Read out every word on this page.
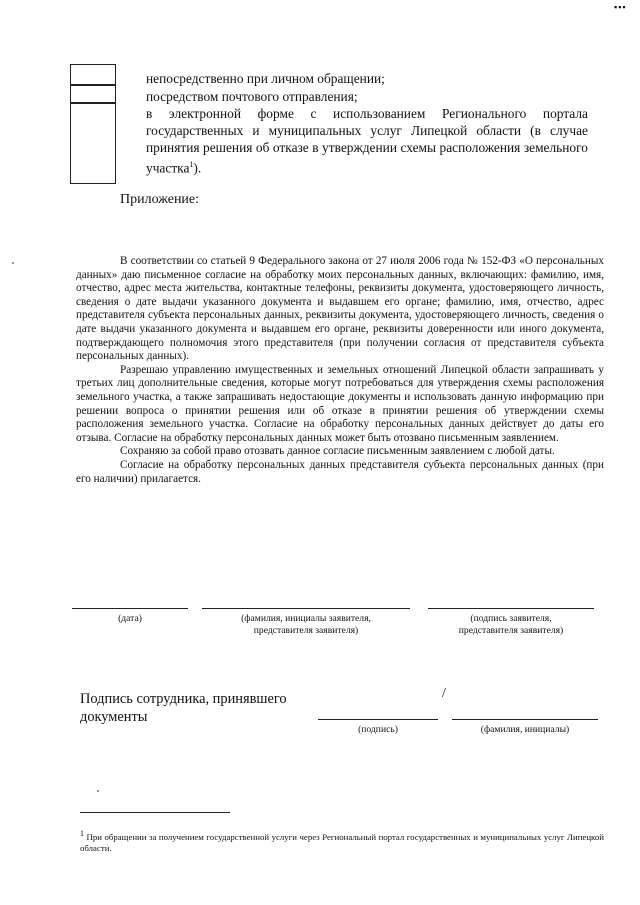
▪▪▪
непосредственно при личном обращении;
посредством почтового отправления;
в электронной форме с использованием Регионального портала государственных и муниципальных услуг Липецкой области (в случае принятия решения об отказе в утверждении схемы расположения земельного участка$^1$).
Приложение:

В соответствии со статьей 9 Федерального закона от 27 июля 2006 года № 152-ФЗ «О персональных данных» даю письменное согласие на обработку моих персональных данных, включающих: фамилию, имя, отчество, адрес места жительства, контактные телефоны, реквизиты документа, удостоверяющего личность, сведения о дате выдачи указанного документа и выдавшем его органе; фамилию, имя, отчество, адрес представителя субъекта персональных данных, реквизиты документа, удостоверяющего личность, сведения о дате выдачи указанного документа и выдавшем его органе, реквизиты доверенности или иного документа, подтверждающего полномочия этого представителя (при получении согласия от представителя субъекта персональных данных).

Разрешаю управлению имущественных и земельных отношений Липецкой области запрашивать у третьих лиц дополнительные сведения, которые могут потребоваться для утверждения схемы расположения земельного участка, а также запрашивать недостающие документы и использовать данную информацию при решении вопроса о принятии решения или об отказе в принятии решения об утверждении схемы расположения земельного участка. Согласие на обработку персональных данных действует до даты его отзыва. Согласие на обработку персональных данных может быть отозвано письменным заявлением.

Сохраняю за собой право отозвать данное согласие письменным заявлением с любой даты.

Согласие на обработку персональных данных представителя субъекта персональных данных (при его наличии) прилагается.

(дата)	(фамилия, инициалы заявителя,
представителя заявителя)
(подпись заявителя,
представителя заявителя)
Подпись сотрудника, принявшего документы
/
(подпись)	(фамилия, инициалы)
$^1$ При обращении за получением государственной услуги через Региональный портал государственных и муниципальных услуг Липецкой области.
